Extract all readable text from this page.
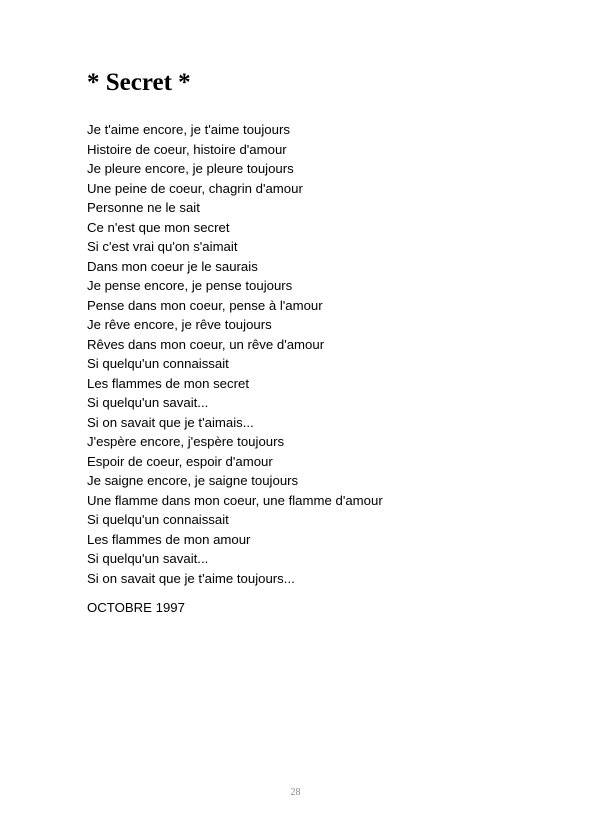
* Secret *
Je t'aime encore, je t'aime toujours
Histoire de coeur, histoire d'amour
Je pleure encore, je pleure toujours
Une peine de coeur, chagrin d'amour
Personne ne le sait
Ce n'est que mon secret
Si c'est vrai qu'on s'aimait
Dans mon coeur je le saurais
Je pense encore, je pense toujours
Pense dans mon coeur, pense à l'amour
Je rêve encore, je rêve toujours
Rêves dans mon coeur, un rêve d'amour
Si quelqu'un connaissait
Les flammes de mon secret
Si quelqu'un savait...
Si on savait que je t'aimais...
J'espère encore, j'espère toujours
Espoir de coeur, espoir d'amour
Je saigne encore, je saigne toujours
Une flamme dans mon coeur, une flamme d'amour
Si quelqu'un connaissait
Les flammes de mon amour
Si quelqu'un savait...
Si on savait que je t'aime toujours...

OCTOBRE 1997

28
